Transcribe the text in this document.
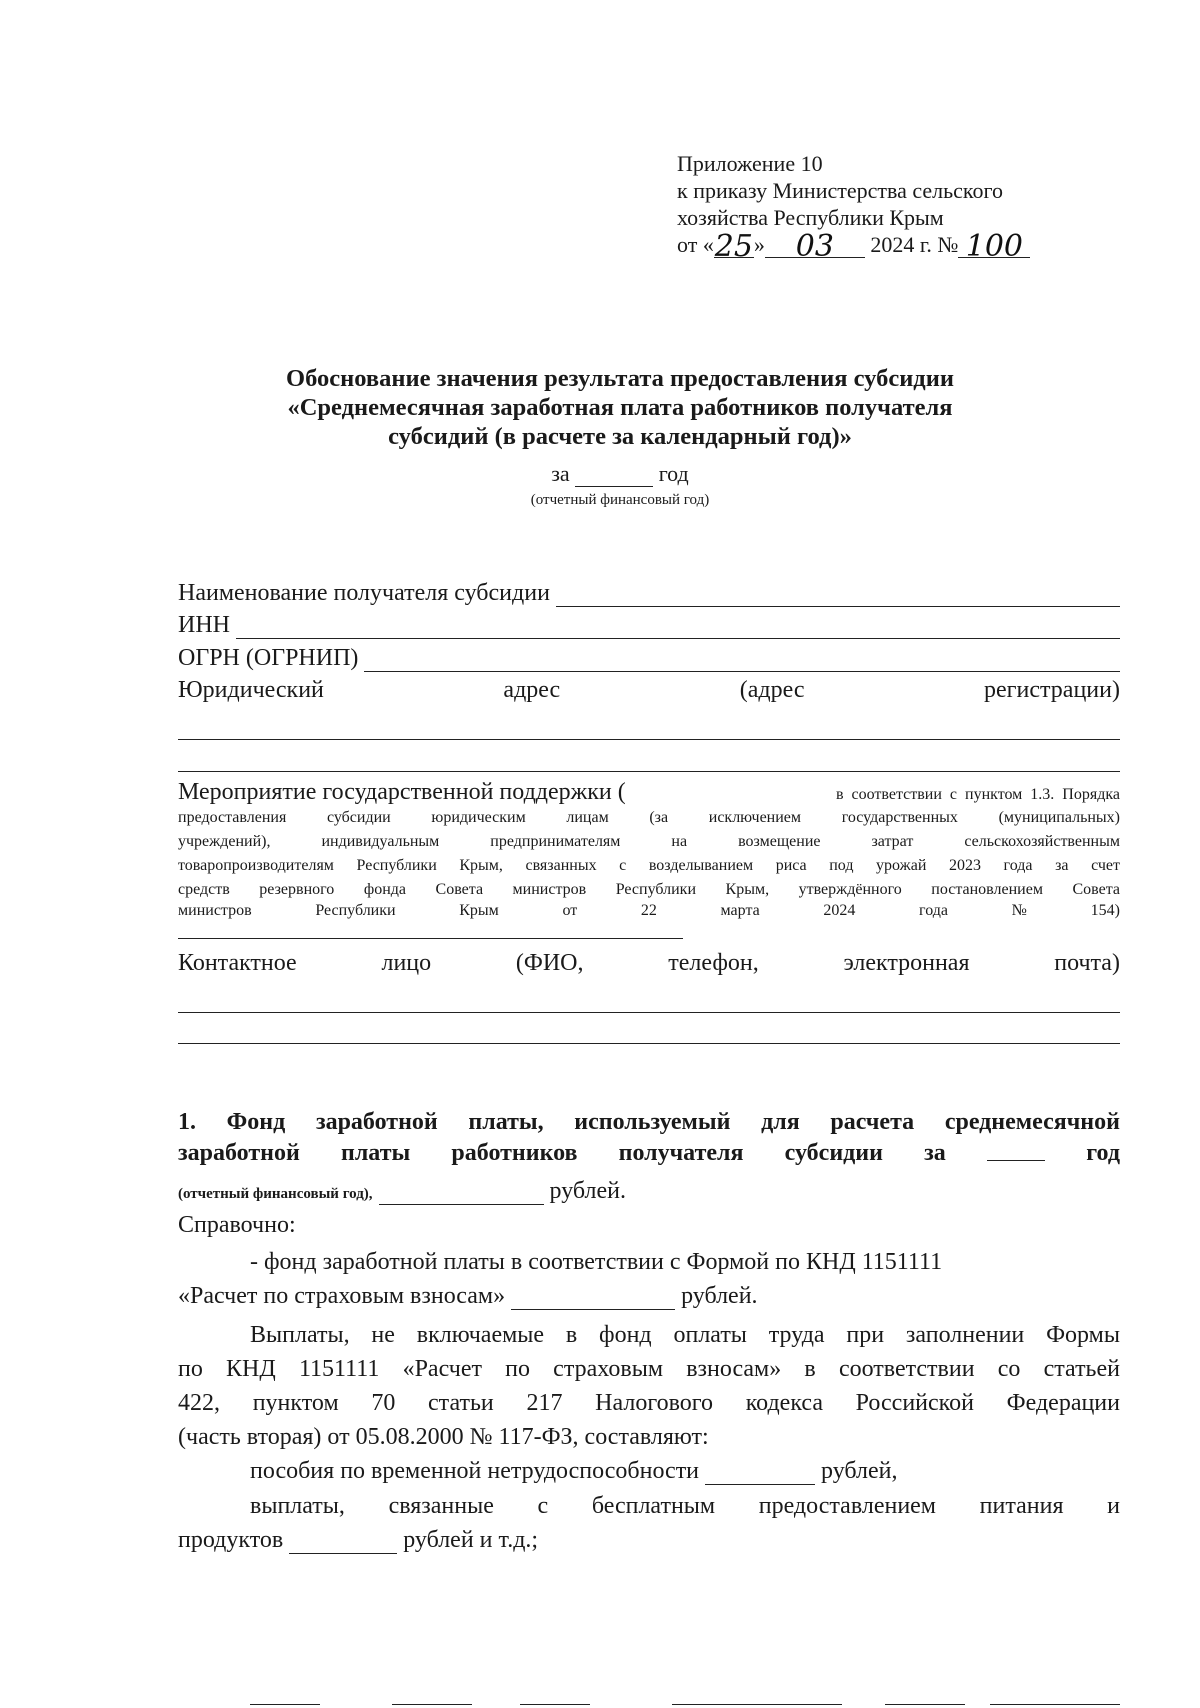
Приложение 10
к приказу Министерства сельского
хозяйства Республики Крым
от «25» 03 2024 г. № 100
Обоснование значения результата предоставления субсидии
«Среднемесячная заработная плата работников получателя
субсидий (в расчете за календарный год)»
за	год
(отчетный финансовый год)
Наименование получателя субсидии
ИНН
ОГРН (ОГРНИП)
Юридический	адрес	(адрес	регистрации)
Мероприятие государственной поддержки (	в соответствии с пунктом 1.3. Порядка
предоставления субсидии юридическим лицам (за исключением государственных (муниципальных)
учреждений), индивидуальным предпринимателям на возмещение затрат сельскохозяйственным
товаропроизводителям Республики Крым, связанных с возделыванием риса под урожай 2023 года за счет
средств резервного фонда Совета министров Республики Крым, утверждённого постановлением Совета
министров	Республики	Крым	от	22	марта	2024	года	№	154)
Контактное	лицо	(ФИО,	телефон,	электронная	почта)
1. Фонд заработной платы, используемый для расчета среднемесячной
заработной платы работников получателя субсидии за	год
(отчетный финансовый год),	рублей.
Справочно:
- фонд заработной платы в соответствии с Формой по КНД 1151111
«Расчет по страховым взносам»	рублей.
Выплаты, не включаемые в фонд оплаты труда при заполнении Формы
по КНД 1151111 «Расчет по страховым взносам» в соответствии со статьей
422, пунктом 70 статьи 217 Налогового кодекса Российской Федерации
(часть вторая) от 05.08.2000 № 117-ФЗ, составляют:
пособия по временной нетрудоспособности	рублей,
выплаты, связанные с бесплатным предоставлением питания и
продуктов	рублей и т.д.;
